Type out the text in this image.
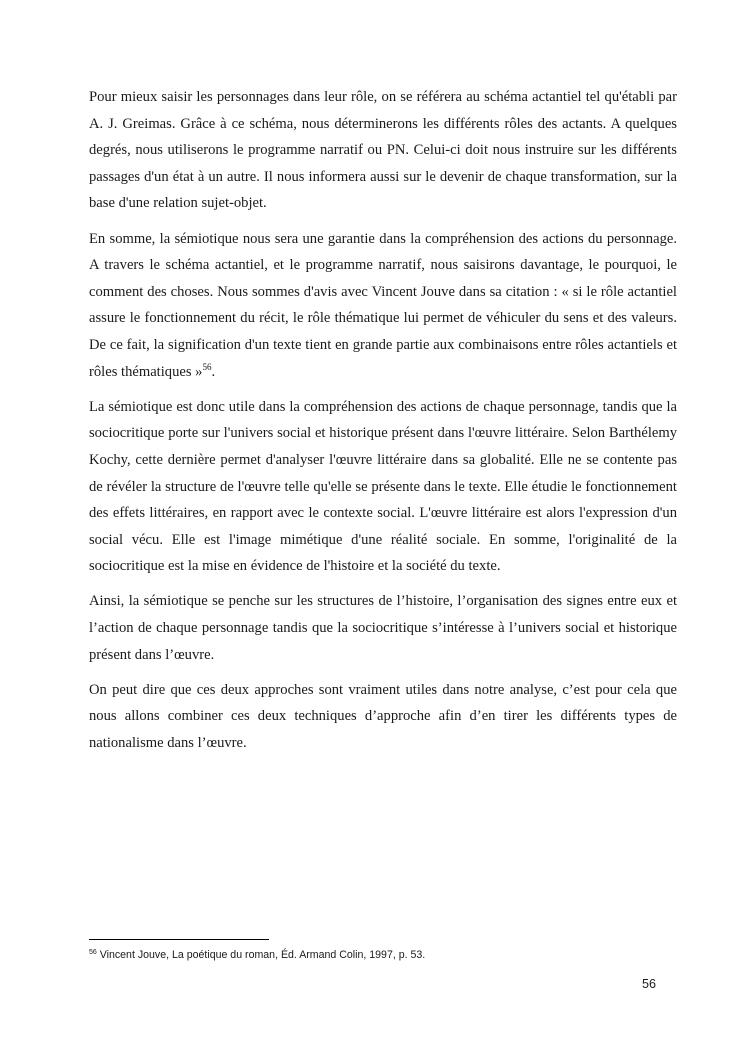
Pour mieux saisir les personnages dans leur rôle, on se référera au schéma actantiel tel qu'établi par A. J. Greimas. Grâce à ce schéma, nous déterminerons les différents rôles des actants. A quelques degrés, nous utiliserons le programme narratif ou PN. Celui-ci doit nous instruire sur les différents passages d'un état à un autre. Il nous informera aussi sur le devenir de chaque transformation, sur la base d'une relation sujet-objet.

En somme, la sémiotique nous sera une garantie dans la compréhension des actions du personnage. A travers le schéma actantiel, et le programme narratif, nous saisirons davantage, le pourquoi, le comment des choses. Nous sommes d'avis avec Vincent Jouve dans sa citation : « si le rôle actantiel assure le fonctionnement du récit, le rôle thématique lui permet de véhiculer du sens et des valeurs. De ce fait, la signification d'un texte tient en grande partie aux combinaisons entre rôles actantiels et rôles thématiques »$^{56}$.

La sémiotique est donc utile dans la compréhension des actions de chaque personnage, tandis que la sociocritique porte sur l'univers social et historique présent dans l'œuvre littéraire. Selon Barthélemy Kochy, cette dernière permet d'analyser l'œuvre littéraire dans sa globalité. Elle ne se contente pas de révéler la structure de l'œuvre telle qu'elle se présente dans le texte. Elle étudie le fonctionnement des effets littéraires, en rapport avec le contexte social. L'œuvre littéraire est alors l'expression d'un social vécu. Elle est l'image mimétique d'une réalité sociale. En somme, l'originalité de la sociocritique est la mise en évidence de l'histoire et la société du texte.

Ainsi, la sémiotique se penche sur les structures de l’histoire, l’organisation des signes entre eux et l’action de chaque personnage tandis que la sociocritique s’intéresse à l’univers social et historique présent dans l’œuvre.

On peut dire que ces deux approches sont vraiment utiles dans notre analyse, c’est pour cela que nous allons combiner ces deux techniques d’approche afin d’en tirer les différents types de nationalisme dans l’œuvre.

$^{56}$ Vincent Jouve, La poétique du roman, Éd. Armand Colin, 1997, p. 53.
56
